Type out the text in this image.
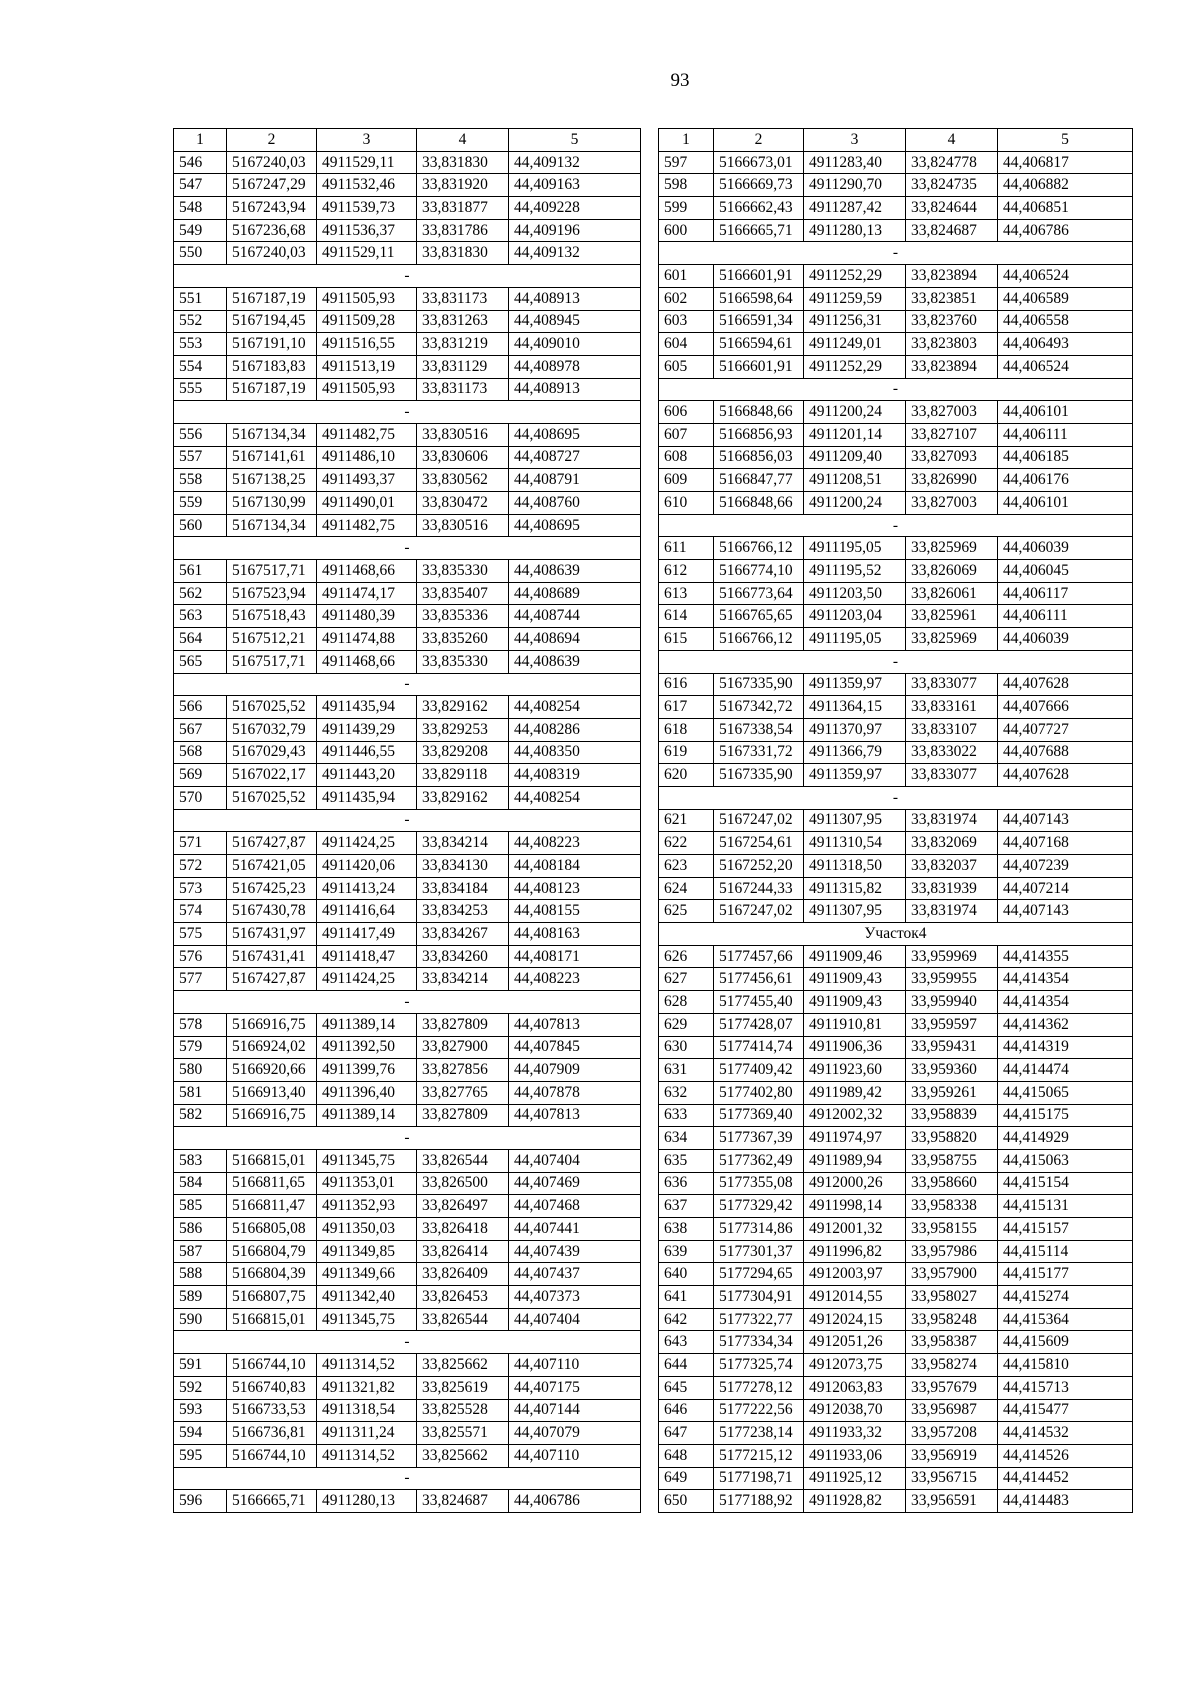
93
1	2	3	4	5
546	5167240,03	4911529,11	33,831830	44,409132
547	5167247,29	4911532,46	33,831920	44,409163
548	5167243,94	4911539,73	33,831877	44,409228
549	5167236,68	4911536,37	33,831786	44,409196
550	5167240,03	4911529,11	33,831830	44,409132
-				
551	5167187,19	4911505,93	33,831173	44,408913
552	5167194,45	4911509,28	33,831263	44,408945
553	5167191,10	4911516,55	33,831219	44,409010
554	5167183,83	4911513,19	33,831129	44,408978
555	5167187,19	4911505,93	33,831173	44,408913
-				
556	5167134,34	4911482,75	33,830516	44,408695
557	5167141,61	4911486,10	33,830606	44,408727
558	5167138,25	4911493,37	33,830562	44,408791
559	5167130,99	4911490,01	33,830472	44,408760
560	5167134,34	4911482,75	33,830516	44,408695
-				
561	5167517,71	4911468,66	33,835330	44,408639
562	5167523,94	4911474,17	33,835407	44,408689
563	5167518,43	4911480,39	33,835336	44,408744
564	5167512,21	4911474,88	33,835260	44,408694
565	5167517,71	4911468,66	33,835330	44,408639
-				
566	5167025,52	4911435,94	33,829162	44,408254
567	5167032,79	4911439,29	33,829253	44,408286
568	5167029,43	4911446,55	33,829208	44,408350
569	5167022,17	4911443,20	33,829118	44,408319
570	5167025,52	4911435,94	33,829162	44,408254
-				
571	5167427,87	4911424,25	33,834214	44,408223
572	5167421,05	4911420,06	33,834130	44,408184
573	5167425,23	4911413,24	33,834184	44,408123
574	5167430,78	4911416,64	33,834253	44,408155
575	5167431,97	4911417,49	33,834267	44,408163
576	5167431,41	4911418,47	33,834260	44,408171
577	5167427,87	4911424,25	33,834214	44,408223
-				
578	5166916,75	4911389,14	33,827809	44,407813
579	5166924,02	4911392,50	33,827900	44,407845
580	5166920,66	4911399,76	33,827856	44,407909
581	5166913,40	4911396,40	33,827765	44,407878
582	5166916,75	4911389,14	33,827809	44,407813
-				
583	5166815,01	4911345,75	33,826544	44,407404
584	5166811,65	4911353,01	33,826500	44,407469
585	5166811,47	4911352,93	33,826497	44,407468
586	5166805,08	4911350,03	33,826418	44,407441
587	5166804,79	4911349,85	33,826414	44,407439
588	5166804,39	4911349,66	33,826409	44,407437
589	5166807,75	4911342,40	33,826453	44,407373
590	5166815,01	4911345,75	33,826544	44,407404
-				
591	5166744,10	4911314,52	33,825662	44,407110
592	5166740,83	4911321,82	33,825619	44,407175
593	5166733,53	4911318,54	33,825528	44,407144
594	5166736,81	4911311,24	33,825571	44,407079
595	5166744,10	4911314,52	33,825662	44,407110
-				
596	5166665,71	4911280,13	33,824687	44,406786
1	2	3	4	5
597	5166673,01	4911283,40	33,824778	44,406817
598	5166669,73	4911290,70	33,824735	44,406882
599	5166662,43	4911287,42	33,824644	44,406851
600	5166665,71	4911280,13	33,824687	44,406786
-				
601	5166601,91	4911252,29	33,823894	44,406524
602	5166598,64	4911259,59	33,823851	44,406589
603	5166591,34	4911256,31	33,823760	44,406558
604	5166594,61	4911249,01	33,823803	44,406493
605	5166601,91	4911252,29	33,823894	44,406524
-				
606	5166848,66	4911200,24	33,827003	44,406101
607	5166856,93	4911201,14	33,827107	44,406111
608	5166856,03	4911209,40	33,827093	44,406185
609	5166847,77	4911208,51	33,826990	44,406176
610	5166848,66	4911200,24	33,827003	44,406101
-				
611	5166766,12	4911195,05	33,825969	44,406039
612	5166774,10	4911195,52	33,826069	44,406045
613	5166773,64	4911203,50	33,826061	44,406117
614	5166765,65	4911203,04	33,825961	44,406111
615	5166766,12	4911195,05	33,825969	44,406039
-				
616	5167335,90	4911359,97	33,833077	44,407628
617	5167342,72	4911364,15	33,833161	44,407666
618	5167338,54	4911370,97	33,833107	44,407727
619	5167331,72	4911366,79	33,833022	44,407688
620	5167335,90	4911359,97	33,833077	44,407628
-				
621	5167247,02	4911307,95	33,831974	44,407143
622	5167254,61	4911310,54	33,832069	44,407168
623	5167252,20	4911318,50	33,832037	44,407239
624	5167244,33	4911315,82	33,831939	44,407214
625	5167247,02	4911307,95	33,831974	44,407143
Участок4				
626	5177457,66	4911909,46	33,959969	44,414355
627	5177456,61	4911909,43	33,959955	44,414354
628	5177455,40	4911909,43	33,959940	44,414354
629	5177428,07	4911910,81	33,959597	44,414362
630	5177414,74	4911906,36	33,959431	44,414319
631	5177409,42	4911923,60	33,959360	44,414474
632	5177402,80	4911989,42	33,959261	44,415065
633	5177369,40	4912002,32	33,958839	44,415175
634	5177367,39	4911974,97	33,958820	44,414929
635	5177362,49	4911989,94	33,958755	44,415063
636	5177355,08	4912000,26	33,958660	44,415154
637	5177329,42	4911998,14	33,958338	44,415131
638	5177314,86	4912001,32	33,958155	44,415157
639	5177301,37	4911996,82	33,957986	44,415114
640	5177294,65	4912003,97	33,957900	44,415177
641	5177304,91	4912014,55	33,958027	44,415274
642	5177322,77	4912024,15	33,958248	44,415364
643	5177334,34	4912051,26	33,958387	44,415609
644	5177325,74	4912073,75	33,958274	44,415810
645	5177278,12	4912063,83	33,957679	44,415713
646	5177222,56	4912038,70	33,956987	44,415477
647	5177238,14	4911933,32	33,957208	44,414532
648	5177215,12	4911933,06	33,956919	44,414526
649	5177198,71	4911925,12	33,956715	44,414452
650	5177188,92	4911928,82	33,956591	44,414483
